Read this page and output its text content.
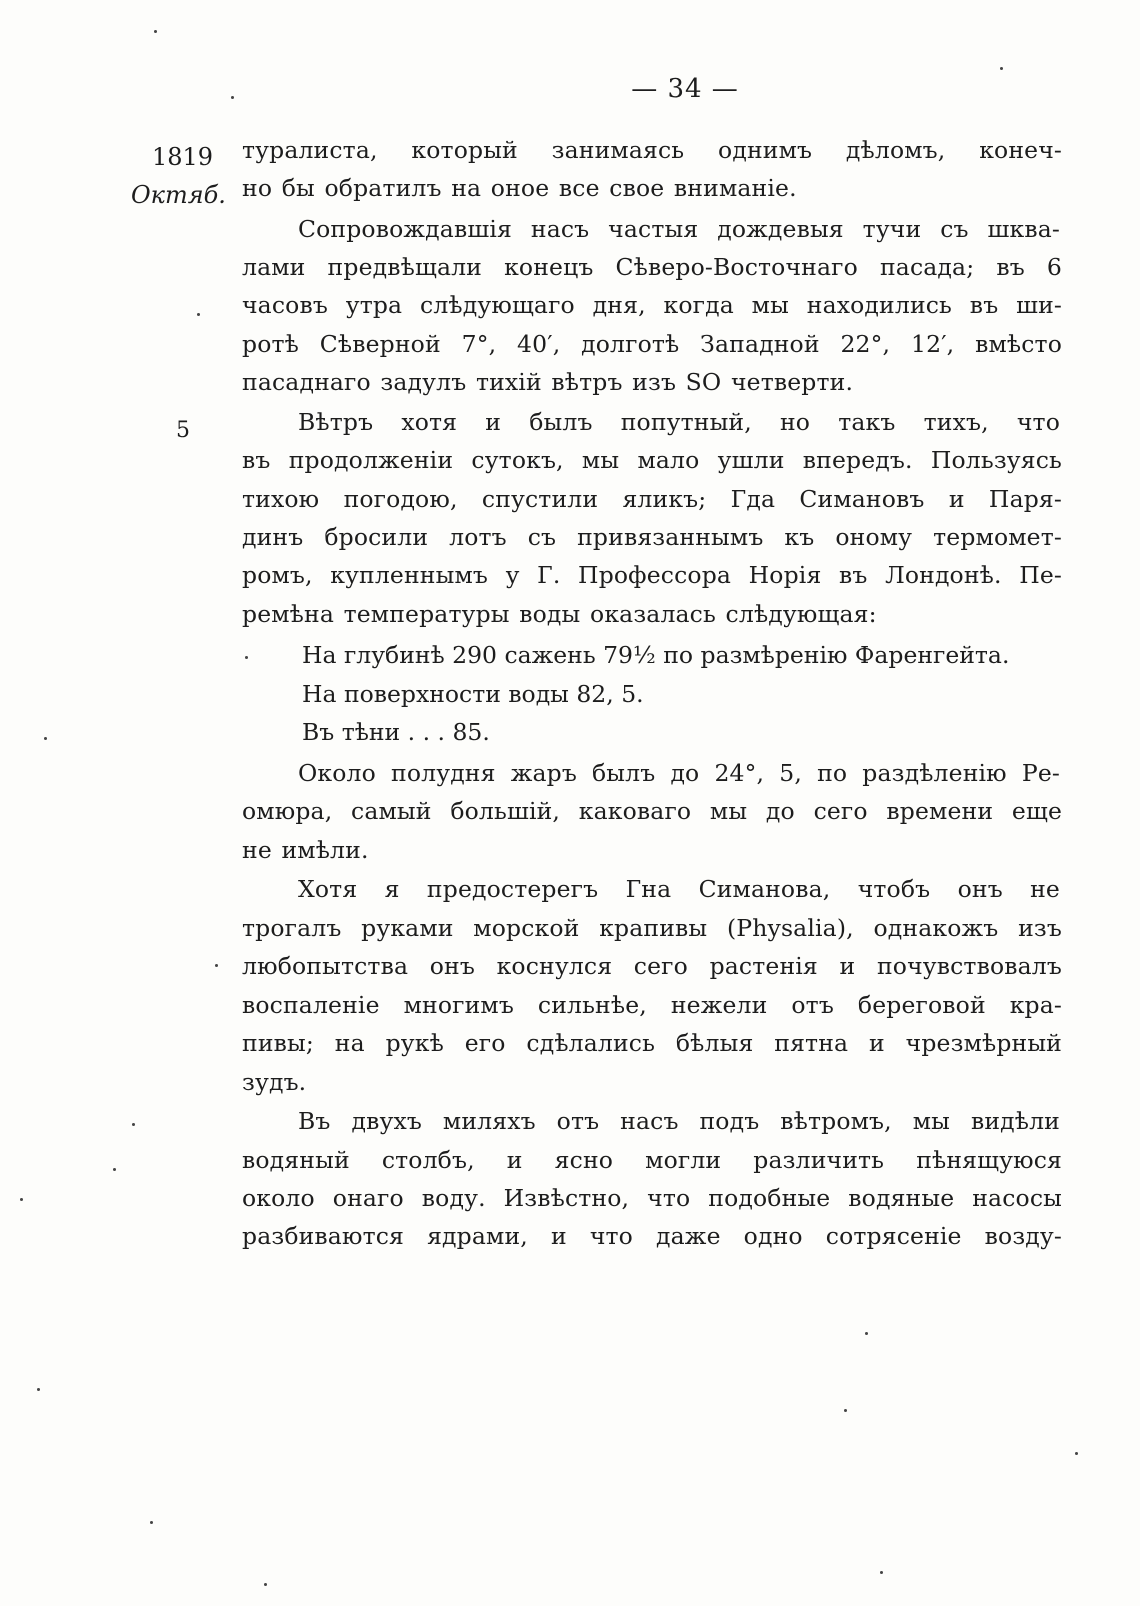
— 34 —
1819
Октяб.
5
туралиста, который занимаясь однимъ дѣломъ, конеч-
но бы обратилъ на оное все свое вниманіе.
Сопровождавшія насъ частыя дождевыя тучи съ шква-
лами предвѣщали конецъ Сѣверо-Восточнаго пасада; въ 6
часовъ утра слѣдующаго дня, когда мы находились въ ши-
ротѣ Сѣверной 7°, 40′, долготѣ Западной 22°, 12′, вмѣсто
пасаднаго задулъ тихій вѣтръ изъ SO четверти.
Вѣтръ хотя и былъ попутный, но такъ тихъ, что
въ продолженіи сутокъ, мы мало ушли впередъ. Пользуясь
тихою погодою, спустили яликъ; Гда Симановъ и Паря-
динъ бросили лотъ съ привязаннымъ къ оному термомет-
ромъ, купленнымъ у Г. Профессора Норія въ Лондонѣ. Пе-
ремѣна температуры воды оказалась слѣдующая:
На глубинѣ 290 сажень 79½ по размѣренію Фаренгейта.
На поверхности воды 82, 5.
Въ тѣни . . . 85.
Около полудня жаръ былъ до 24°, 5, по раздѣленію Ре-
омюра, самый большій, каковаго мы до сего времени еще
не имѣли.
Хотя я предостерегъ Гна Симанова, чтобъ онъ не
трогалъ руками морской крапивы (Physalia), однакожъ изъ
любопытства онъ коснулся сего растенія и почувствовалъ
воспаленіе многимъ сильнѣе, нежели отъ береговой кра-
пивы; на рукѣ его сдѣлались бѣлыя пятна и чрезмѣрный
зудъ.
Въ двухъ миляхъ отъ насъ подъ вѣтромъ, мы видѣли
водяный столбъ, и ясно могли различить пѣнящуюся
около онаго воду. Извѣстно, что подобные водяные насосы
разбиваются ядрами, и что даже одно сотрясеніе возду-
